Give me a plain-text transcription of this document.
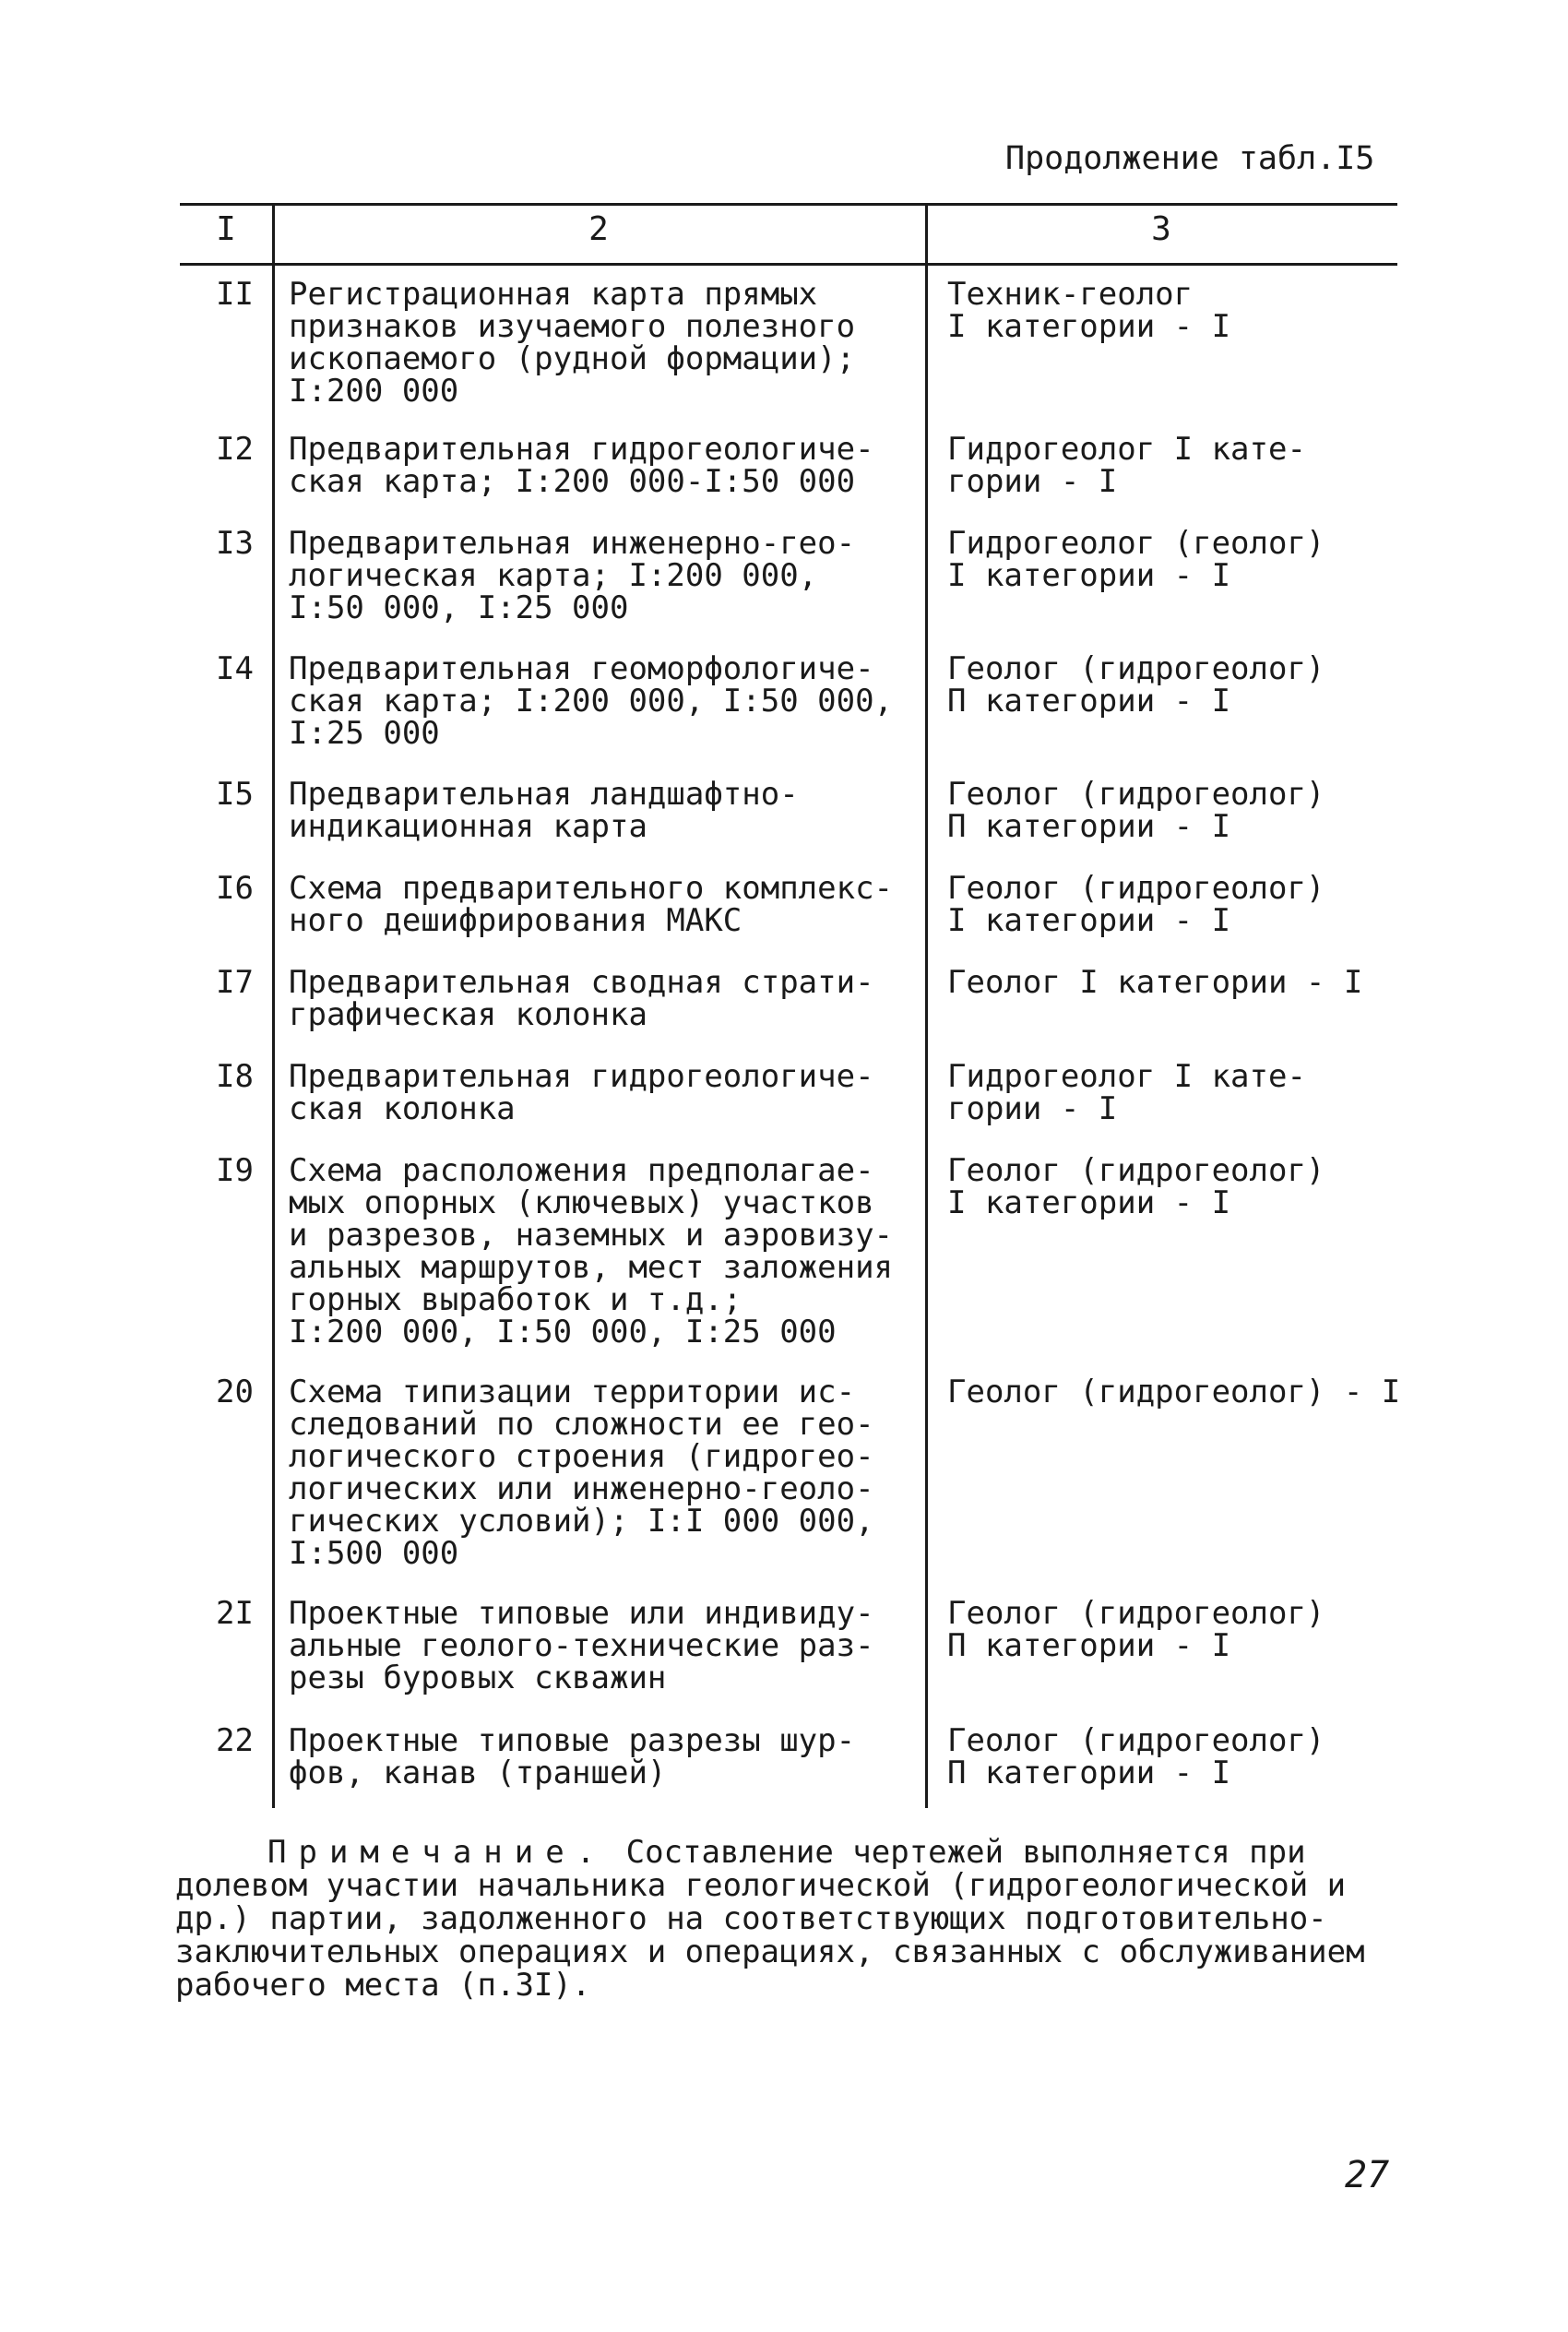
Продолжение табл.I5
I	2	3
II Регистрационная карта прямых
признаков изучаемого полезного
ископаемого (рудной формации);
I:200 000
Техник-геолог
I категории - I
I2 Предварительная гидрогеологиче-
ская карта; I:200 000-I:50 000
Гидрогеолог I кате-
гории - I
I3 Предварительная инженерно-гео-
логическая карта; I:200 000,
I:50 000, I:25 000
Гидрогеолог (геолог)
I категории - I
I4 Предварительная геоморфологиче-
ская карта; I:200 000, I:50 000,
I:25 000
Геолог (гидрогеолог)
П категории - I
I5 Предварительная ландшафтно-
индикационная карта
Геолог (гидрогеолог)
П категории - I
I6 Схема предварительного комплекс-
ного дешифрирования МАКС
Геолог (гидрогеолог)
I категории - I
I7 Предварительная сводная страти-
графическая колонка
Геолог I категории - I
I8 Предварительная гидрогеологиче-
ская колонка
Гидрогеолог I кате-
гории - I
I9 Схема расположения предполагае-
мых опорных (ключевых) участков
и разрезов, наземных и аэровизу-
альных маршрутов, мест заложения
горных выработок и т.д.;
I:200 000, I:50 000, I:25 000
Геолог (гидрогеолог)
I категории - I
20 Схема типизации территории ис-
следований по сложности ее гео-
логического строения (гидрогео-
логических или инженерно-геоло-
гических условий); I:I 000 000,
I:500 000
Геолог (гидрогеолог) - I
2I Проектные типовые или индивиду-
альные геолого-технические раз-
резы буровых скважин
Геолог (гидрогеолог)
П категории - I
22 Проектные типовые разрезы шур-
фов, канав (траншей)
Геолог (гидрогеолог)
П категории - I

Примечание. Составление чертежей выполняется при

долевом участии начальника геологической (гидрогеологической и

др.) партии, задолженного на соответствующих подготовительно-

заключительных операциях и операциях, связанных с обслуживанием

рабочего места (п.3I).

27
